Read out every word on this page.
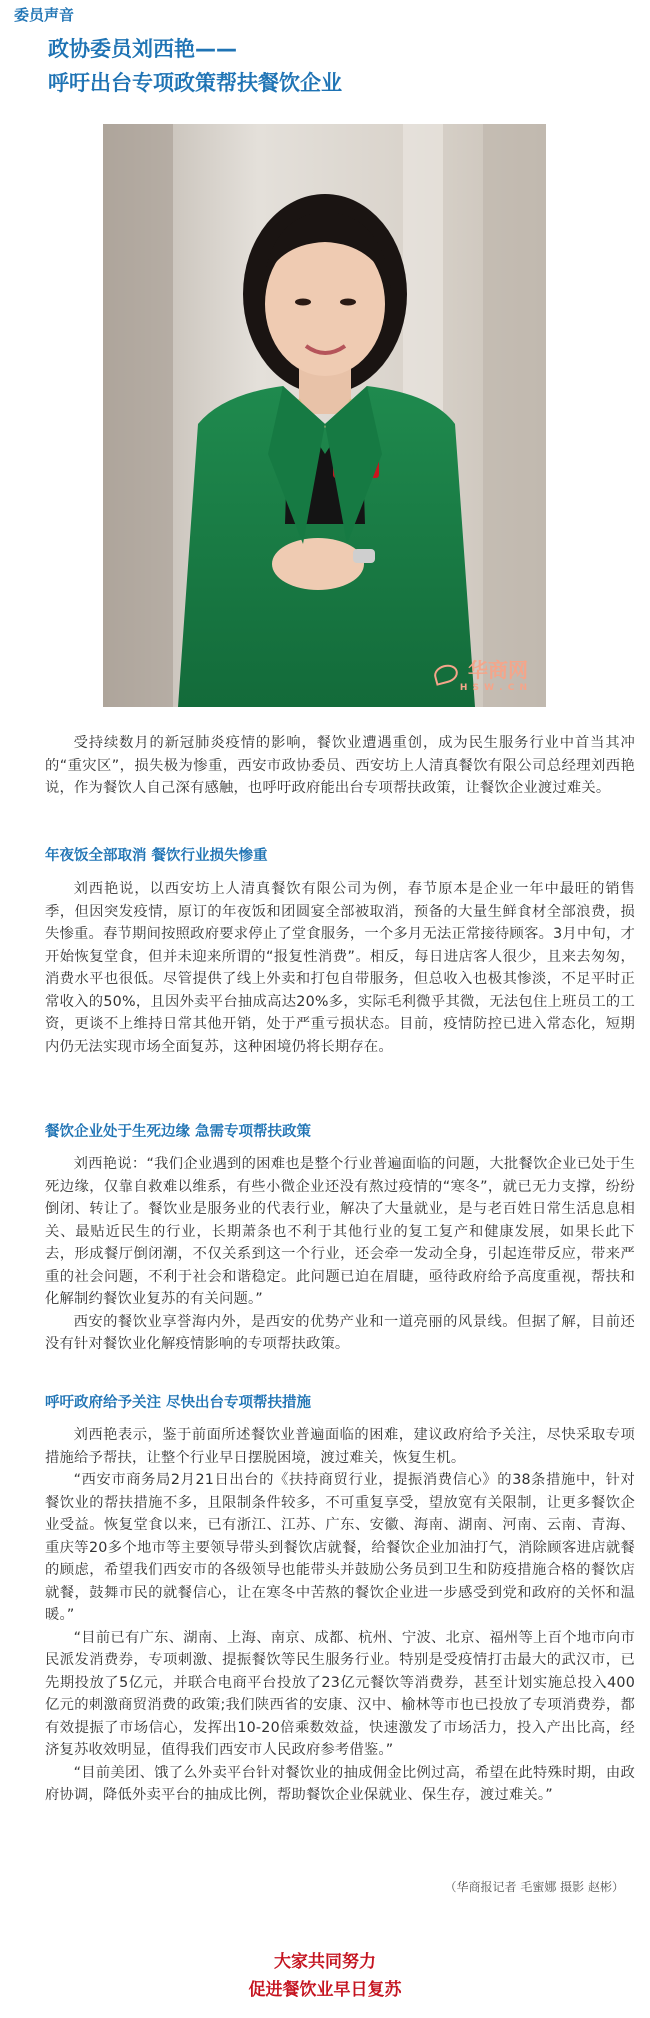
委员声音
政协委员刘西艳——
呼吁出台专项政策帮扶餐饮企业
华商网
H S W . C N

受持续数月的新冠肺炎疫情的影响，餐饮业遭遇重创，成为民生服务行业中首当其冲的“重灾区”，损失极为惨重，西安市政协委员、西安坊上人清真餐饮有限公司总经理刘西艳说，作为餐饮人自己深有感触，也呼吁政府能出台专项帮扶政策，让餐饮企业渡过难关。

年夜饭全部取消 餐饮行业损失惨重

刘西艳说，以西安坊上人清真餐饮有限公司为例，春节原本是企业一年中最旺的销售季，但因突发疫情，原订的年夜饭和团圆宴全部被取消，预备的大量生鲜食材全部浪费，损失惨重。春节期间按照政府要求停止了堂食服务，一个多月无法正常接待顾客。3月中旬，才开始恢复堂食，但并未迎来所谓的“报复性消费”。相反，每日进店客人很少，且来去匆匆，消费水平也很低。尽管提供了线上外卖和打包自带服务，但总收入也极其惨淡，不足平时正常收入的50%，且因外卖平台抽成高达20%多，实际毛利微乎其微，无法包住上班员工的工资，更谈不上维持日常其他开销，处于严重亏损状态。目前，疫情防控已进入常态化，短期内仍无法实现市场全面复苏，这种困境仍将长期存在。

餐饮企业处于生死边缘 急需专项帮扶政策

刘西艳说：“我们企业遇到的困难也是整个行业普遍面临的问题，大批餐饮企业已处于生死边缘，仅靠自救难以维系，有些小微企业还没有熬过疫情的“寒冬”，就已无力支撑，纷纷倒闭、转让了。餐饮业是服务业的代表行业，解决了大量就业，是与老百姓日常生活息息相关、最贴近民生的行业，长期萧条也不利于其他行业的复工复产和健康发展，如果长此下去，形成餐厅倒闭潮，不仅关系到这一个行业，还会牵一发动全身，引起连带反应，带来严重的社会问题，不利于社会和谐稳定。此问题已迫在眉睫，亟待政府给予高度重视，帮扶和化解制约餐饮业复苏的有关问题。”

西安的餐饮业享誉海内外，是西安的优势产业和一道亮丽的风景线。但据了解，目前还没有针对餐饮业化解疫情影响的专项帮扶政策。

呼吁政府给予关注 尽快出台专项帮扶措施

刘西艳表示，鉴于前面所述餐饮业普遍面临的困难，建议政府给予关注，尽快采取专项措施给予帮扶，让整个行业早日摆脱困境，渡过难关，恢复生机。

“西安市商务局2月21日出台的《扶持商贸行业，提振消费信心》的38条措施中，针对餐饮业的帮扶措施不多，且限制条件较多，不可重复享受，望放宽有关限制，让更多餐饮企业受益。恢复堂食以来，已有浙江、江苏、广东、安徽、海南、湖南、河南、云南、青海、重庆等20多个地市等主要领导带头到餐饮店就餐，给餐饮企业加油打气，消除顾客进店就餐的顾虑，希望我们西安市的各级领导也能带头并鼓励公务员到卫生和防疫措施合格的餐饮店就餐，鼓舞市民的就餐信心，让在寒冬中苦熬的餐饮企业进一步感受到党和政府的关怀和温暖。”

“目前已有广东、湖南、上海、南京、成都、杭州、宁波、北京、福州等上百个地市向市民派发消费券，专项刺激、提振餐饮等民生服务行业。特别是受疫情打击最大的武汉市，已先期投放了5亿元，并联合电商平台投放了23亿元餐饮等消费券，甚至计划实施总投入400亿元的刺激商贸消费的政策;我们陕西省的安康、汉中、榆林等市也已投放了专项消费券，都有效提振了市场信心，发挥出10-20倍乘数效益，快速激发了市场活力，投入产出比高，经济复苏收效明显，值得我们西安市人民政府参考借鉴。”

“目前美团、饿了么外卖平台针对餐饮业的抽成佣金比例过高，希望在此特殊时期，由政府协调，降低外卖平台的抽成比例，帮助餐饮企业保就业、保生存，渡过难关。”

（华商报记者 毛蜜娜 摄影 赵彬）
大家共同努力
促进餐饮业早日复苏
